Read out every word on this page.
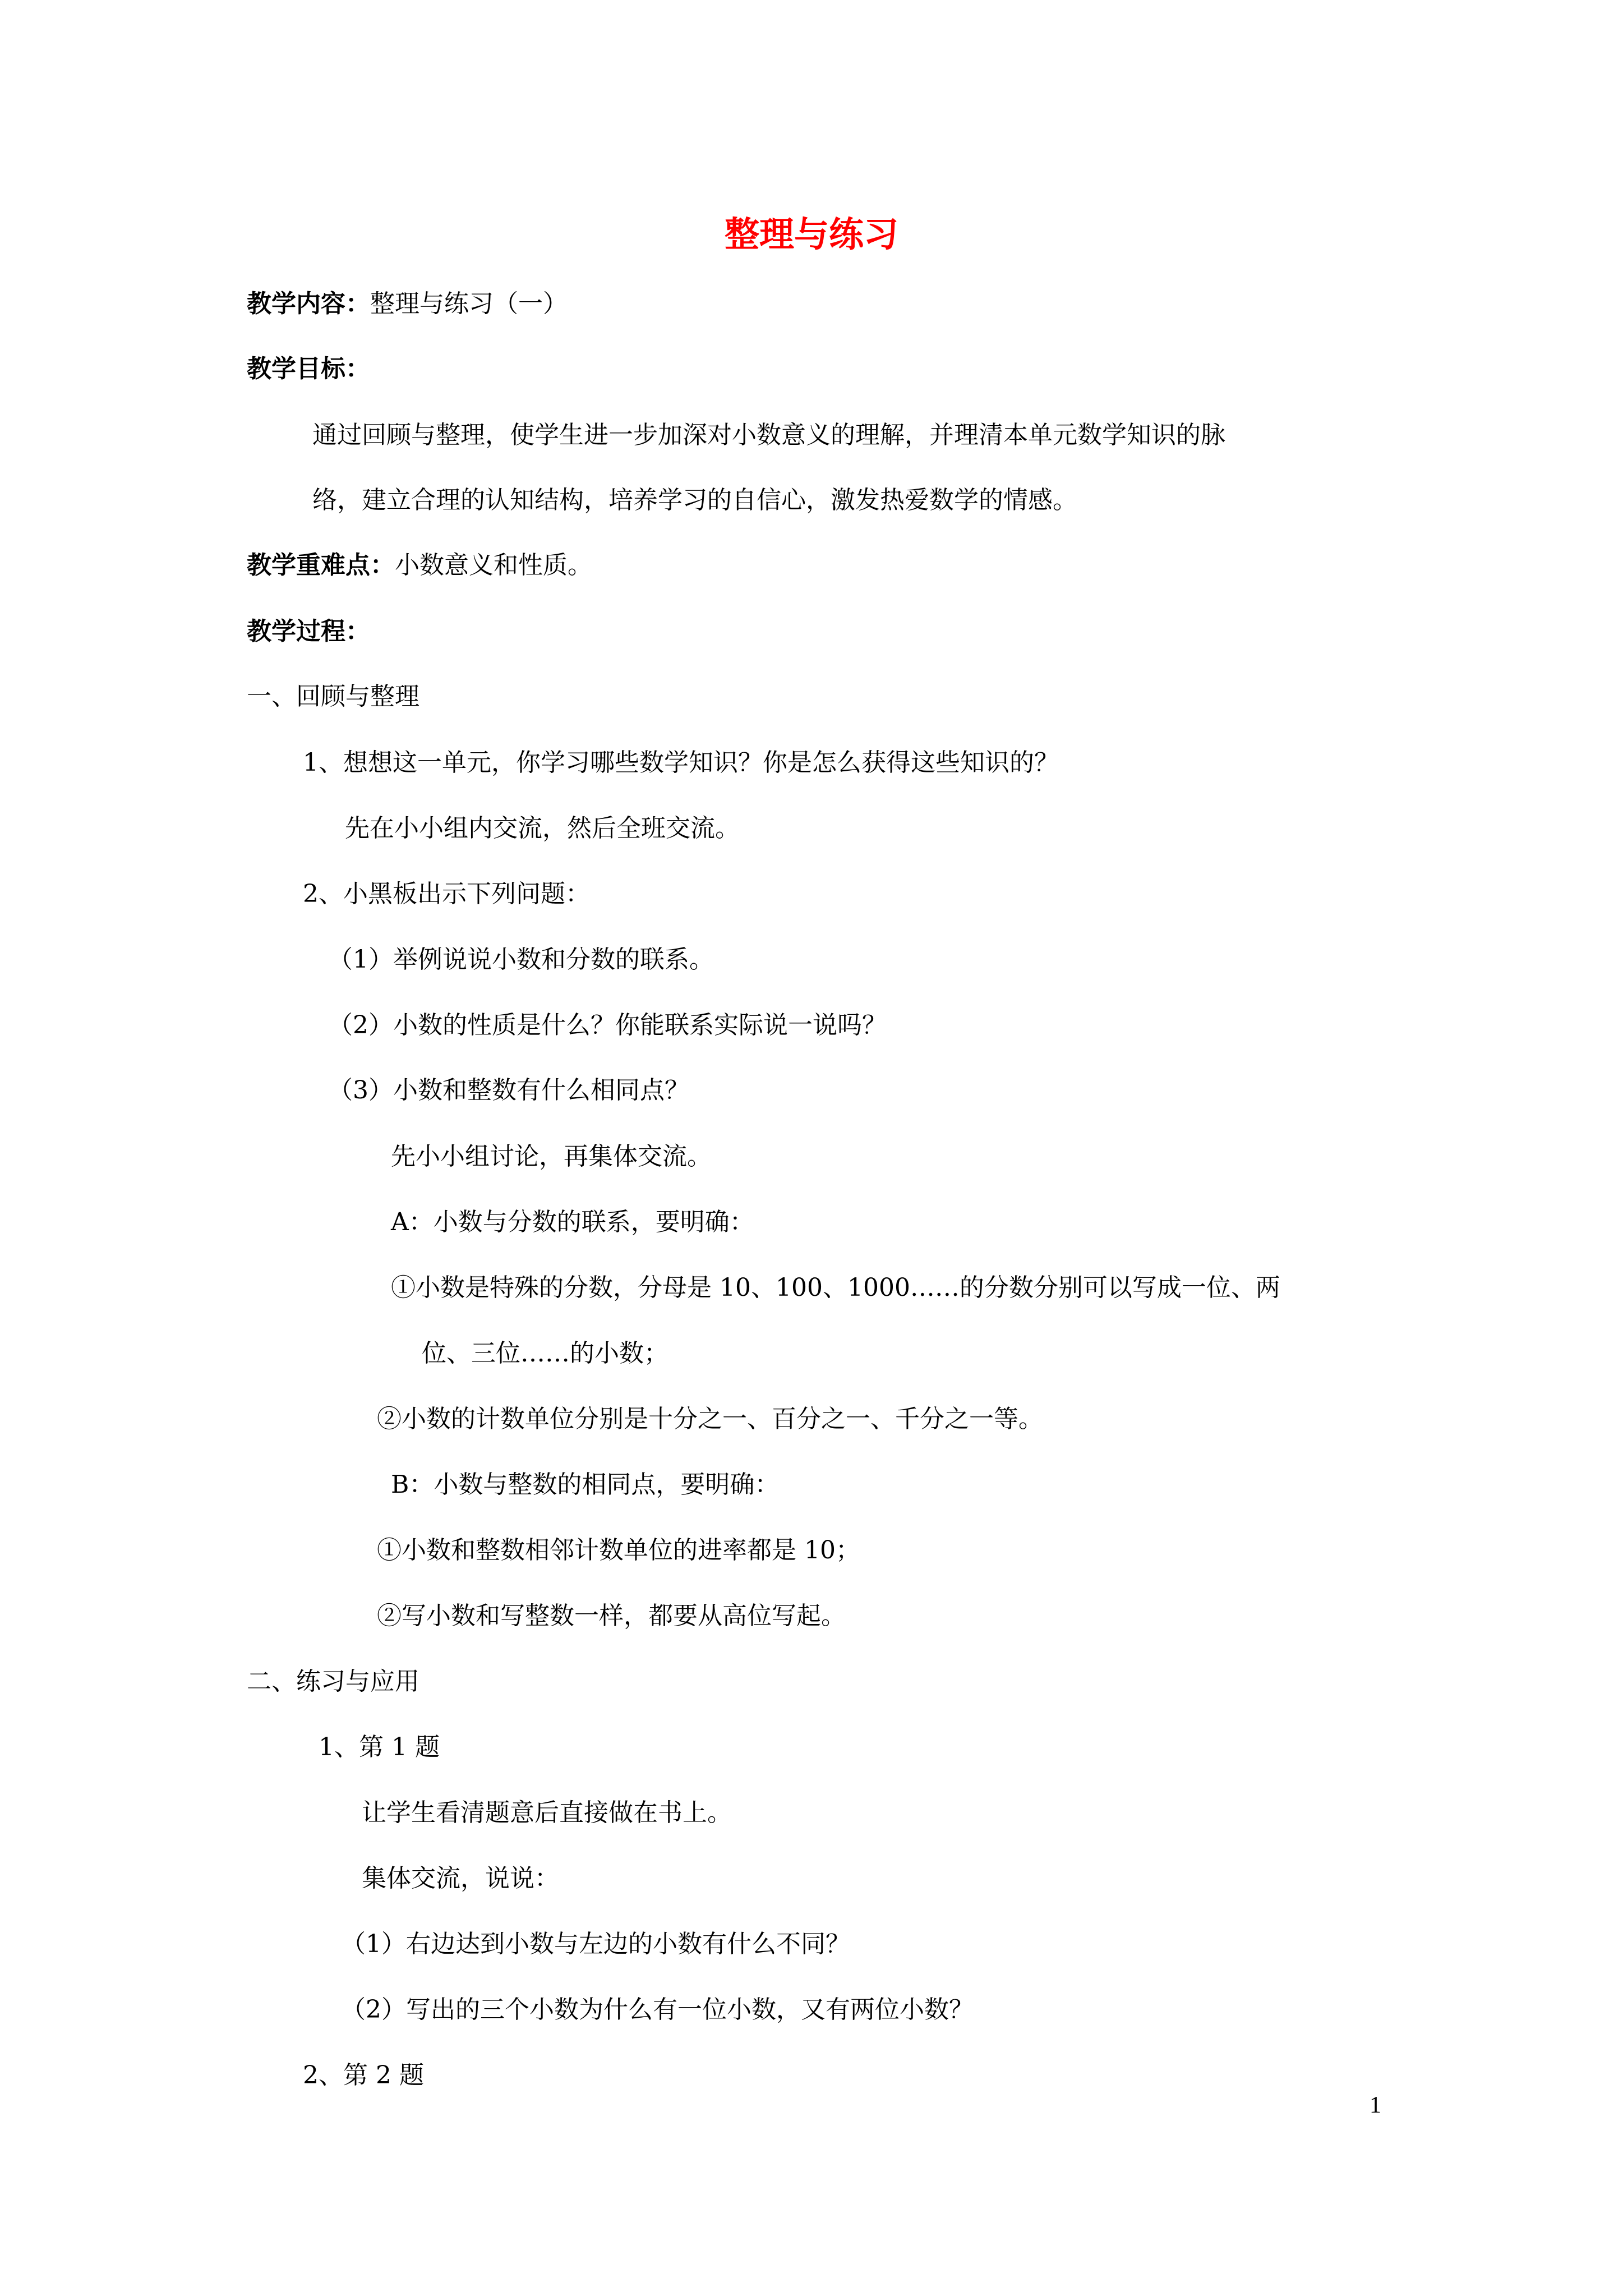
整理与练习
教学内容：整理与练习（一）
教学目标：
通过回顾与整理，使学生进一步加深对小数意义的理解，并理清本单元数学知识的脉
络，建立合理的认知结构，培养学习的自信心，激发热爱数学的情感。
教学重难点：小数意义和性质。
教学过程：
一、回顾与整理
1、想想这一单元，你学习哪些数学知识？你是怎么获得这些知识的？
先在小小组内交流，然后全班交流。
2、小黑板出示下列问题：
（1）举例说说小数和分数的联系。
（2）小数的性质是什么？你能联系实际说一说吗？
（3）小数和整数有什么相同点？
先小小组讨论，再集体交流。
A：小数与分数的联系，要明确：
①小数是特殊的分数，分母是 10、100、1000……的分数分别可以写成一位、两
位、三位……的小数；
②小数的计数单位分别是十分之一、百分之一、千分之一等。
B：小数与整数的相同点，要明确：
①小数和整数相邻计数单位的进率都是 10；
②写小数和写整数一样，都要从高位写起。
二、练习与应用
1、第 1 题
让学生看清题意后直接做在书上。
集体交流，说说：
（1）右边达到小数与左边的小数有什么不同？
（2）写出的三个小数为什么有一位小数，又有两位小数？
2、第 2 题
1
